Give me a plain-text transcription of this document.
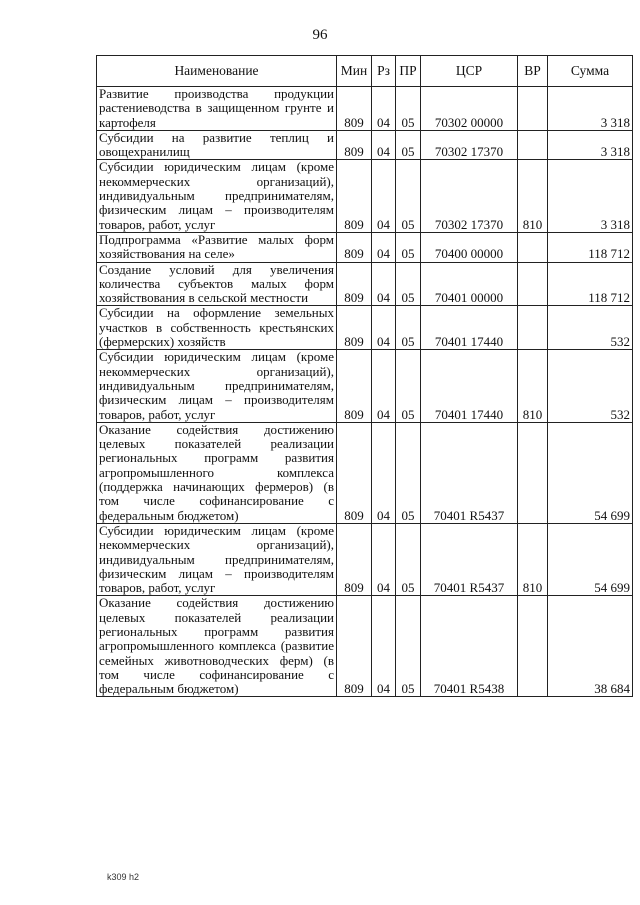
96
Наименование	Мин	Рз	ПР	ЦСР	ВР	Сумма
Развитие производства продукции растениеводства в защищенном грунте и картофеля	809	04	05	70302 00000		3 318
Субсидии на развитие теплиц и овощехранилищ	809	04	05	70302 17370		3 318
Субсидии юридическим лицам (кроме некоммерческих организаций), индивидуальным предпринимателям, физическим лицам – производителям товаров, работ, услуг	809	04	05	70302 17370	810	3 318
Подпрограмма «Развитие малых форм хозяйствования на селе»	809	04	05	70400 00000		118 712
Создание условий для увеличения количества субъектов малых форм хозяйствования в сельской местности	809	04	05	70401 00000		118 712
Субсидии на оформление земельных участков в собственность крестьянских (фермерских) хозяйств	809	04	05	70401 17440		532
Субсидии юридическим лицам (кроме некоммерческих организаций), индивидуальным предпринимателям, физическим лицам – производителям товаров, работ, услуг	809	04	05	70401 17440	810	532
Оказание содействия достижению целевых показателей реализации региональных программ развития агропромышленного комплекса (поддержка начинающих фермеров) (в том числе софинансирование с федеральным бюджетом)	809	04	05	70401 R5437		54 699
Субсидии юридическим лицам (кроме некоммерческих организаций), индивидуальным предпринимателям, физическим лицам – производителям товаров, работ, услуг	809	04	05	70401 R5437	810	54 699
Оказание содействия достижению целевых показателей реализации региональных программ развития агропромышленного комплекса (развитие семейных животноводческих ферм) (в том числе софинансирование с федеральным бюджетом)	809	04	05	70401 R5438		38 684
k309 h2
